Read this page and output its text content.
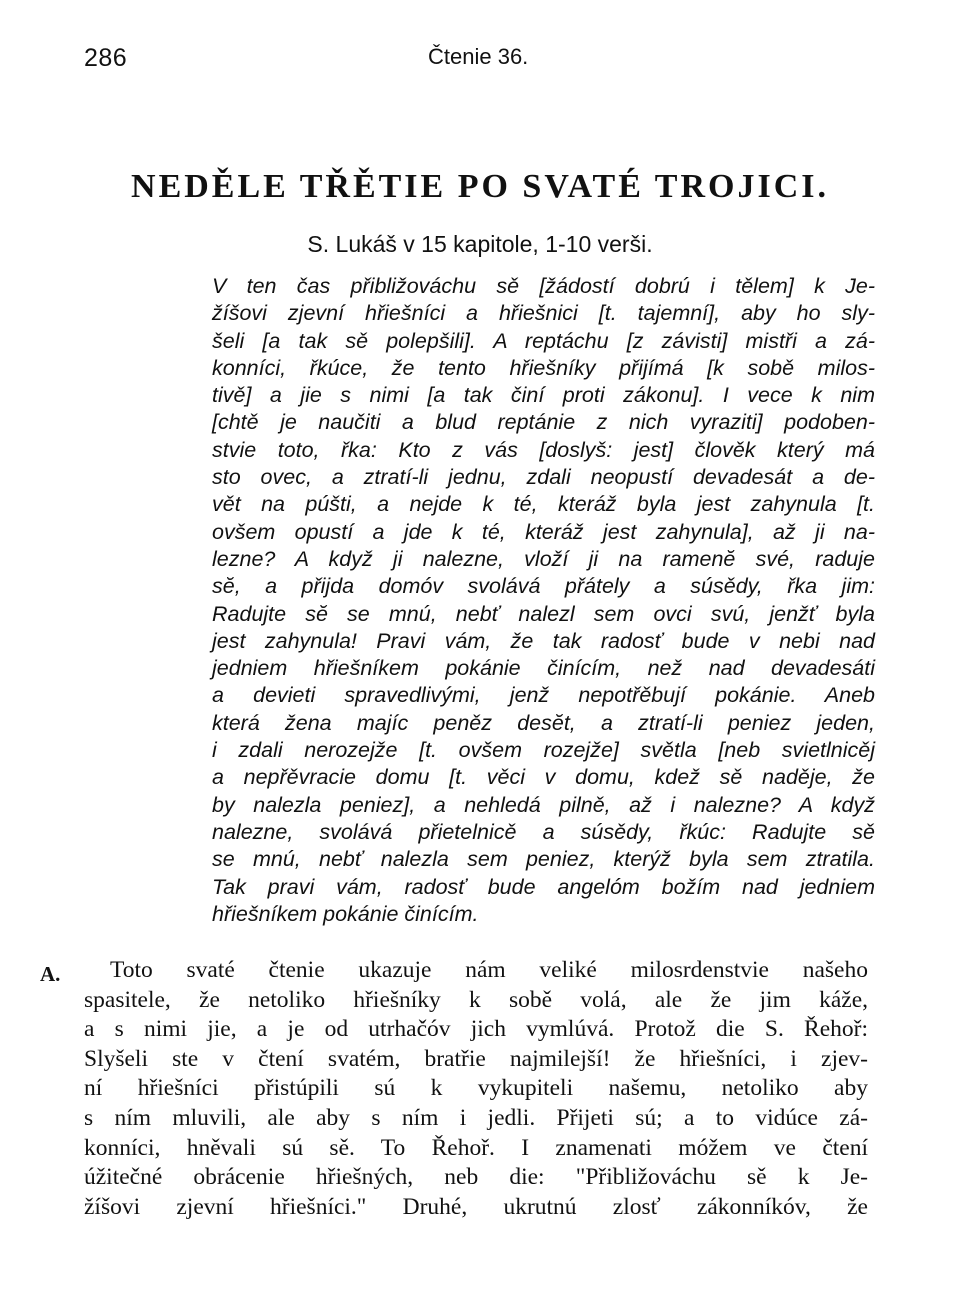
286	Čtenie 36.
NEDĚLE TŘĚTIE PO SVATÉ TROJICI.
S. Lukáš v 15 kapitole, 1-10 verši.
V ten čas přibližováchu sě [žádostí dobrú i tělem] k Je-
žíšovi zjevní hřiešníci a hřiešnici [t. tajemní], aby ho sly-
šeli [a tak sě polepšili]. A reptáchu [z závisti] mistři a zá-
konníci, řkúce, že tento hřiešníky přijímá [k sobě milos-
tivě] a jie s nimi [a tak činí proti zákonu]. I vece k nim
[chtě je naučiti a blud reptánie z nich vyraziti] podoben-
stvie toto, řka: Kto z vás [doslyš: jest] člověk který má
sto ovec, a ztratí-li jednu, zdali neopustí devadesát a de-
vět na púšti, a nejde k té, kteráž byla jest zahynula [t.
ovšem opustí a jde k té, kteráž jest zahynula], až ji na-
lezne? A když ji nalezne, vloží ji na ramenĕ své, raduje
sĕ, a přijda domóv svolává přátely a súsědy, řka jim:
Radujte sĕ se mnú, nebť nalezl sem ovci svú, jenžť byla
jest zahynula! Pravi vám, že tak radosť bude v nebi nad
jedniem hřiešníkem pokánie činícím, než nad devadesáti
a devieti spravedlivými, jenž nepotřěbují pokánie. Aneb
která žena majíc peněz desĕt, a ztratí-li peniez jeden,
i zdali nerozejže [t. ovšem rozejže] světla [neb svietlnicěj
a nepřěvracie domu [t. věci v domu, kdež sě naděje, že
by nalezla peniez], a nehledá pilně, až i nalezne? A když
nalezne, svolává přietelnicě a súsědy, řkúc: Radujte sě
se mnú, nebť nalezla sem peniez, kterýž byla sem ztratila.
Tak pravi vám, radosť bude angelóm božím nad jedniem
hřiešníkem pokánie činícím.
A.	Toto svaté čtenie ukazuje nám veliké milosrdenstvie našeho
spasitele, že netoliko hřiešníky k sobě volá, ale že jim káže,
a s nimi jie, a je od utrhačóv jich vymlúvá. Protož die S. Řehoř:
Slyšeli ste v čtení svatém, bratřie najmilejší! že hřiešníci, i zjev-
ní hřiešníci přistúpili sú k vykupiteli našemu, netoliko aby
s ním mluvili, ale aby s ním i jedli. Přijeti sú; a to vidúce zá-
konníci, hněvali sú sě. To Řehoř. I znamenati móžem ve čtení
úžitečné obrácenie hřiešných, neb die: "Přibližováchu sě k Je-
žíšovi zjevní hřiešníci." Druhé, ukrutnú zlosť zákonníkóv, že
